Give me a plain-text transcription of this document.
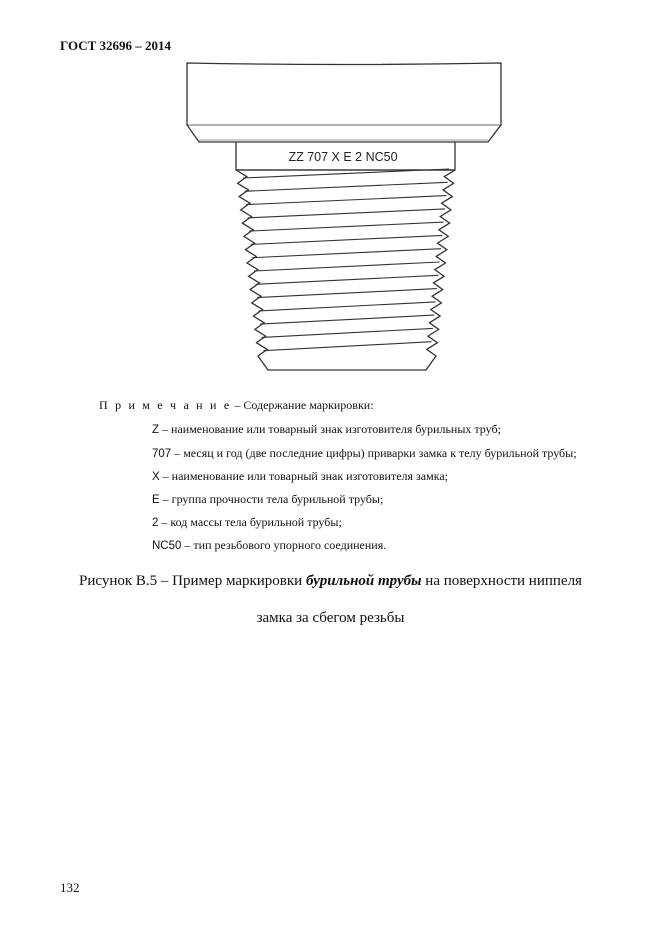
ГОСТ 32696 – 2014
ZZ 707 X E 2 NC50
П р и м е ч а н и е – Содержание маркировки:
Z – наименование или товарный знак изготовителя бурильных труб;
707 – месяц и год (две последние цифры) приварки замка к телу бурильной трубы;
X – наименование или товарный знак изготовителя замка;
E – группа прочности тела бурильной трубы;
2 – код массы тела бурильной трубы;
NC50 – тип резьбового упорного соединения.
Рисунок В.5 – Пример маркировки бурильной трубы на поверхности ниппеля
замка за сбегом резьбы
132
